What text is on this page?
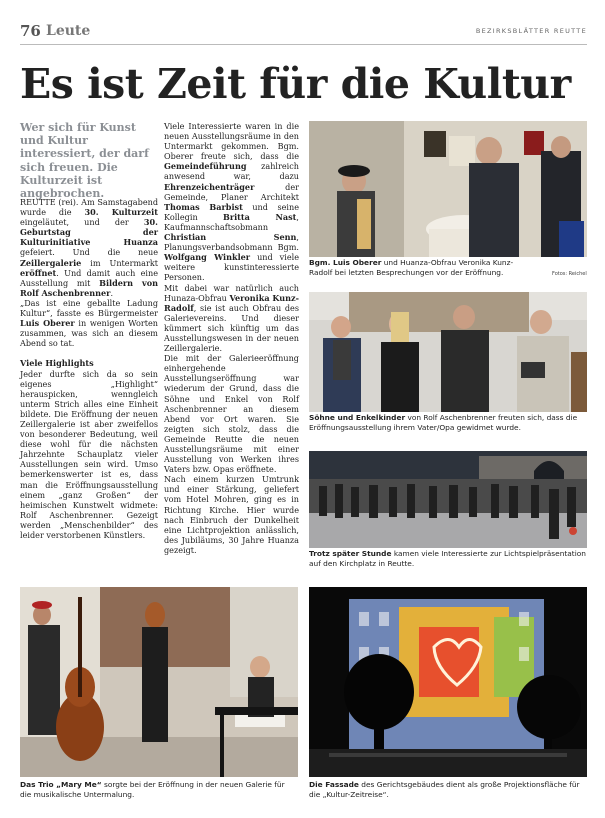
76 Leute	BEZIRKSBLÄTTER REUTTE
Es ist Zeit für die Kultur
Wer sich für Kunst und Kultur interessiert, der darf sich freuen. Die Kulturzeit ist angebrochen.

REUTTE (rei). Am Samstagabend wurde die 30. Kulturzeit eingeläutet, und der 30. Geburtstag der Kulturinitiative Huanza gefeiert. Und die neue Zeillergalerie im Untermarkt eröffnet. Und damit auch eine Ausstellung mit Bildern von Rolf Aschenbrenner.

„Das ist eine geballte Ladung Kultur“, fasste es Bürgermeister Luis Oberer in wenigen Worten zusammen, was sich an diesem Abend so tat.

Viele Highlights

Jeder durfte sich da so sein eigenes „Highlight“ herauspicken, wenngleich unterm Strich alles eine Einheit bildete. Die Eröffnung der neuen Zeillergalerie ist aber zweifellos von besonderer Bedeutung, weil diese wohl für die nächsten Jahrzehnte Schauplatz vieler Ausstellungen sein wird. Umso bemerkenswerter ist es, dass man die Eröffnungsausstellung einem „ganz Großen“ der heimischen Kunstwelt widmete: Rolf Aschenbrenner. Gezeigt werden „Menschenbilder“ des leider verstorbenen Künstlers.

Viele Interessierte waren in die neuen Ausstellungsräume in den Untermarkt gekommen. Bgm. Oberer freute sich, dass die Gemeindeführung zahlreich anwesend war, dazu Ehrenzeichenträger der Gemeinde, Planer Architekt Thomas Barbist und seine Kollegin Britta Nast, Kaufmannschaftsobmann Christian Senn, Planungsverbandsobmann Bgm. Wolfgang Winkler und viele weitere kunstinteressierte Personen.

Mit dabei war natürlich auch Hunaza-Obfrau Veronika Kunz-Radolf, sie ist auch Obfrau des Galerievereins. Und dieser kümmert sich künftig um das Ausstellungswesen in der neuen Zeillergalerie.

Die mit der Galerieeröffnung einhergehende Ausstellungseröffnung war wiederum der Grund, dass die Söhne und Enkel von Rolf Aschenbrenner an diesem Abend vor Ort waren. Sie zeigten sich stolz, dass die Gemeinde Reutte die neuen Ausstellungsräume mit einer Ausstellung von Werken ihres Vaters bzw. Opas eröffnete.

Nach einem kurzen Umtrunk und einer Stärkung, geliefert vom Hotel Mohren, ging es in Richtung Kirche. Hier wurde nach Einbruch der Dunkelheit eine Lichtprojektion anlässlich, des Jubiläums, 30 Jahre Huanza gezeigt.

Bgm. Luis Oberer und Huanza-Obfrau Veronika Kunz-Radolf bei letzten Besprechungen vor der Eröffnung.	Fotos: Reichel
Söhne und Enkelkinder von Rolf Aschenbrenner freuten sich, dass die Eröffnungsausstellung ihrem Vater/Opa gewidmet wurde.
Trotz später Stunde kamen viele Interessierte zur Lichtspielpräsentation auf den Kirchplatz in Reutte.
Das Trio „Mary Me“ sorgte bei der Eröffnung in der neuen Galerie für die musikalische Untermalung.
Die Fassade des Gerichtsgebäudes dient als große Projektionsfläche für die „Kultur-Zeitreise“.
